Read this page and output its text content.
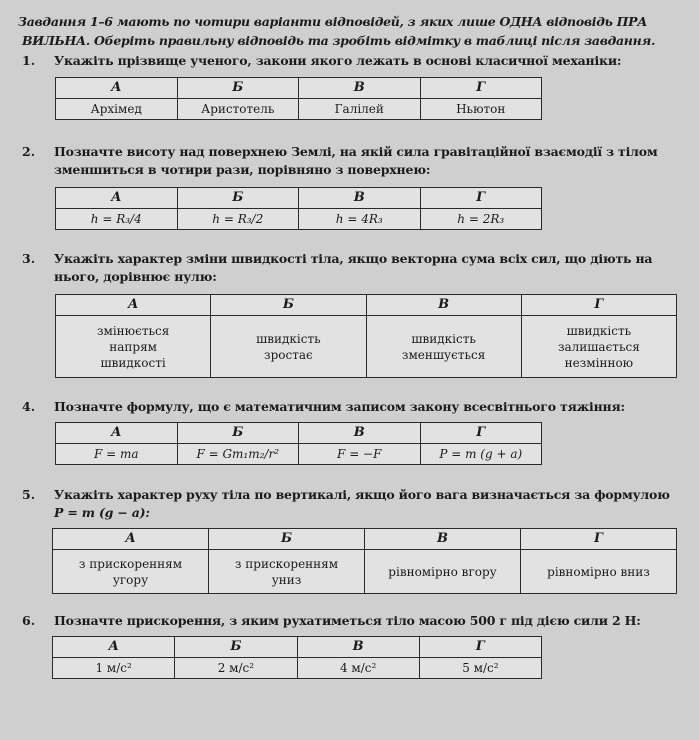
Завдання 1–6 мають по чотири варіанти відповідей, з яких лише ОДНА відповідь ПРА
ВИЛЬНА. Оберіть правильну відповідь та зробіть відмітку в таблиці після завдання.
1. Укажіть прізвище ученого, закони якого лежать в основі класичної механіки:
А	Б	В	Г
Архімед	Аристотель	Галілей	Ньютон
2. Позначте висоту над поверхнею Землі, на якій сила гравітаційної взаємодії з тілом
зменшиться в чотири рази, порівняно з поверхнею:
А	Б	В	Г
h = R₃/4	h = R₃/2	h = 4R₃	h = 2R₃
3. Укажіть характер зміни швидкості тіла, якщо векторна сума всіх сил, що діють на
нього, дорівнює нулю:
А	Б	В	Г
змінюється напрям швидкості	швидкість зростає	швидкість зменшується	швидкість залишається незмінною
4. Позначте формулу, що є математичним записом закону всесвітнього тяжіння:
А	Б	В	Г
F = ma	F = Gm₁m₂/r²	F = −F	P = m (g + a)
5. Укажіть характер руху тіла по вертикалі, якщо його вага визначається за формулою
P = m (g − a):
А	Б	В	Г
з прискоренням угору	з прискоренням униз	рівномірно вгору	рівномірно вниз
6. Позначте прискорення, з яким рухатиметься тіло масою 500 г під дією сили 2 Н:
А	Б	В	Г
1 м/с²	2 м/с²	4 м/с²	5 м/с²
